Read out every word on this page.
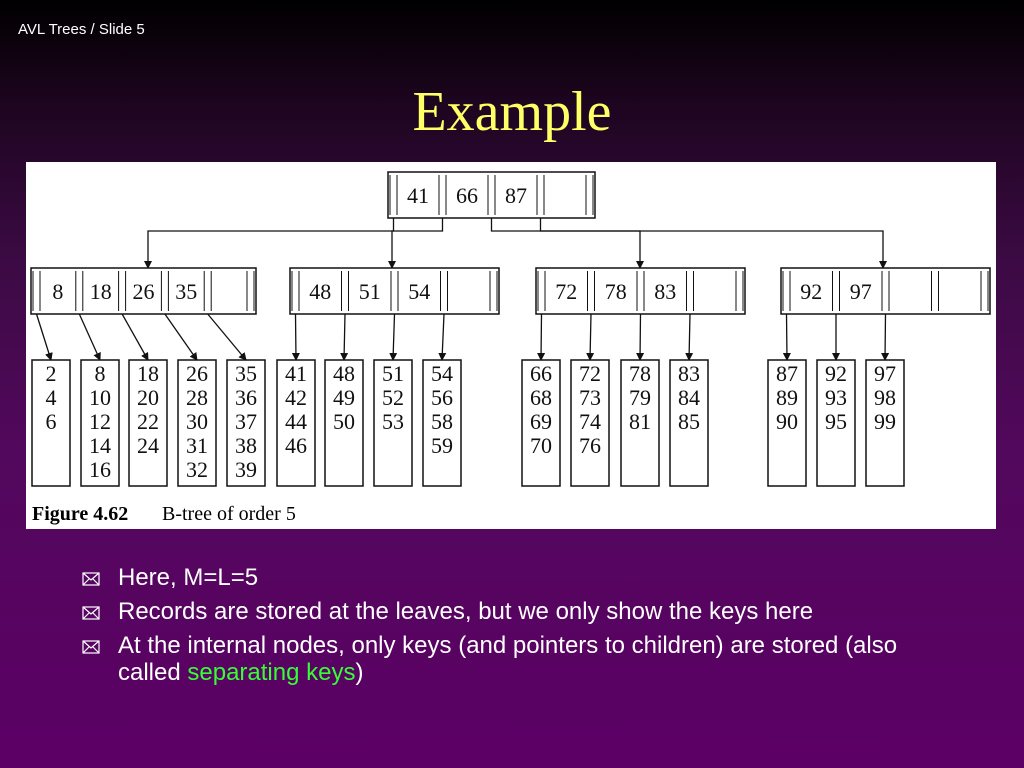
AVL Trees / Slide 5
Example
41 66 87
8 18 26 35	48 51 54	72 78 83	92 97
2
4
6
8
10
12
14
16
18
20
22
24
26
28
30
31
32
35
36
37
38
39
41
42
44
46
48
49
50
51
52
53
54
56
58
59
66
68
69
70
72
73
74
76
78
79
81
83
84
85
87
89
90
92
93
95
97
98
99
Figure 4.62 B-tree of order 5
Here, M=L=5
Records are stored at the leaves, but we only show the keys here
At the internal nodes, only keys (and pointers to children) are stored (also called separating keys)
